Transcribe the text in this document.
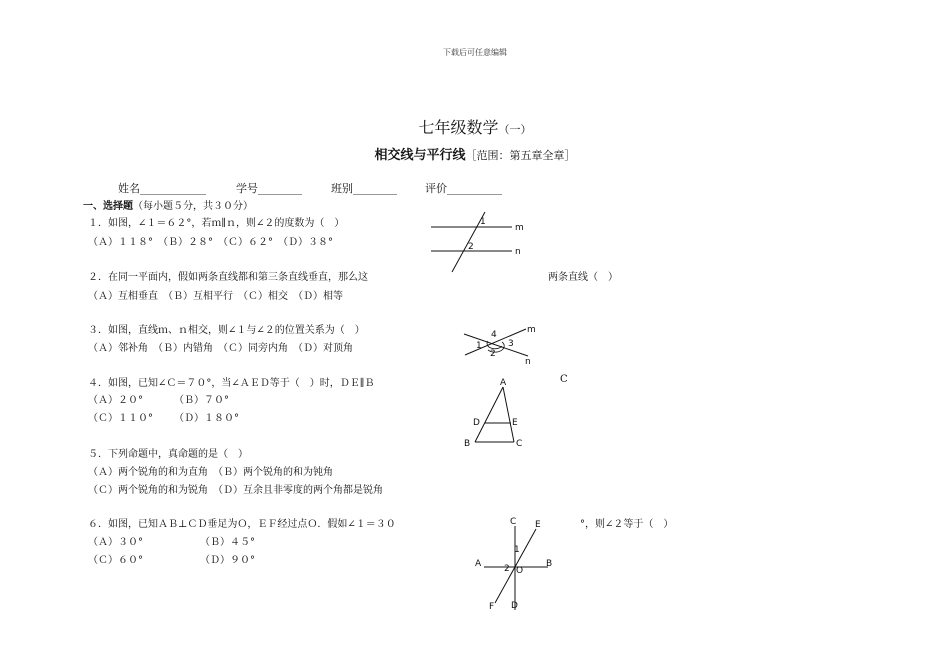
下载后可任意编辑
七年级数学（一）
相交线与平行线［范围：第五章全章］
姓名____________	学号________	班别________	评价__________
一、选择题（每小题５分，共３０分）
１．如图，∠１＝６２°，若ｍ∥ｎ，则∠２的度数为（　）
（Ａ）１１８°　（Ｂ）２８°　（Ｃ）６２°　（Ｄ）３８°
1
2
m
n
２．在同一平面内，假如两条直线都和第三条直线垂直，那么这	两条直线（　）
（Ａ）互相垂直　（Ｂ）互相平行　（Ｃ）相交　（Ｄ）相等
３．如图，直线ｍ、ｎ相交，则∠１与∠２的位置关系为（　）
（Ａ）邻补角　（Ｂ）内错角　（Ｃ）同旁内角　（Ｄ）对顶角
4
1	3
2
m
n
４．如图，已知∠Ｃ＝７０°，当∠ＡＥＤ等于（　）时，ＤＥ∥Ｂ	C
（Ａ）２０°	（Ｂ）７０°
（Ｃ）１１０° （Ｄ）１８０°
A
D	E
B	C
５．下列命题中，真命题的是（　）
（Ａ）两个锐角的和为直角　（Ｂ）两个锐角的和为钝角
（Ｃ）两个锐角的和为锐角　（Ｄ）互余且非零度的两个角都是锐角
６．如图，已知ＡＢ⊥ＣＤ垂足为Ｏ，ＥＦ经过点Ｏ．假如∠１＝３０	°，则∠２等于（　）
（Ａ）３０°	（Ｂ）４５°
（Ｃ）６０°	（Ｄ）９０°
C E
1
A	B
2 O
F D
